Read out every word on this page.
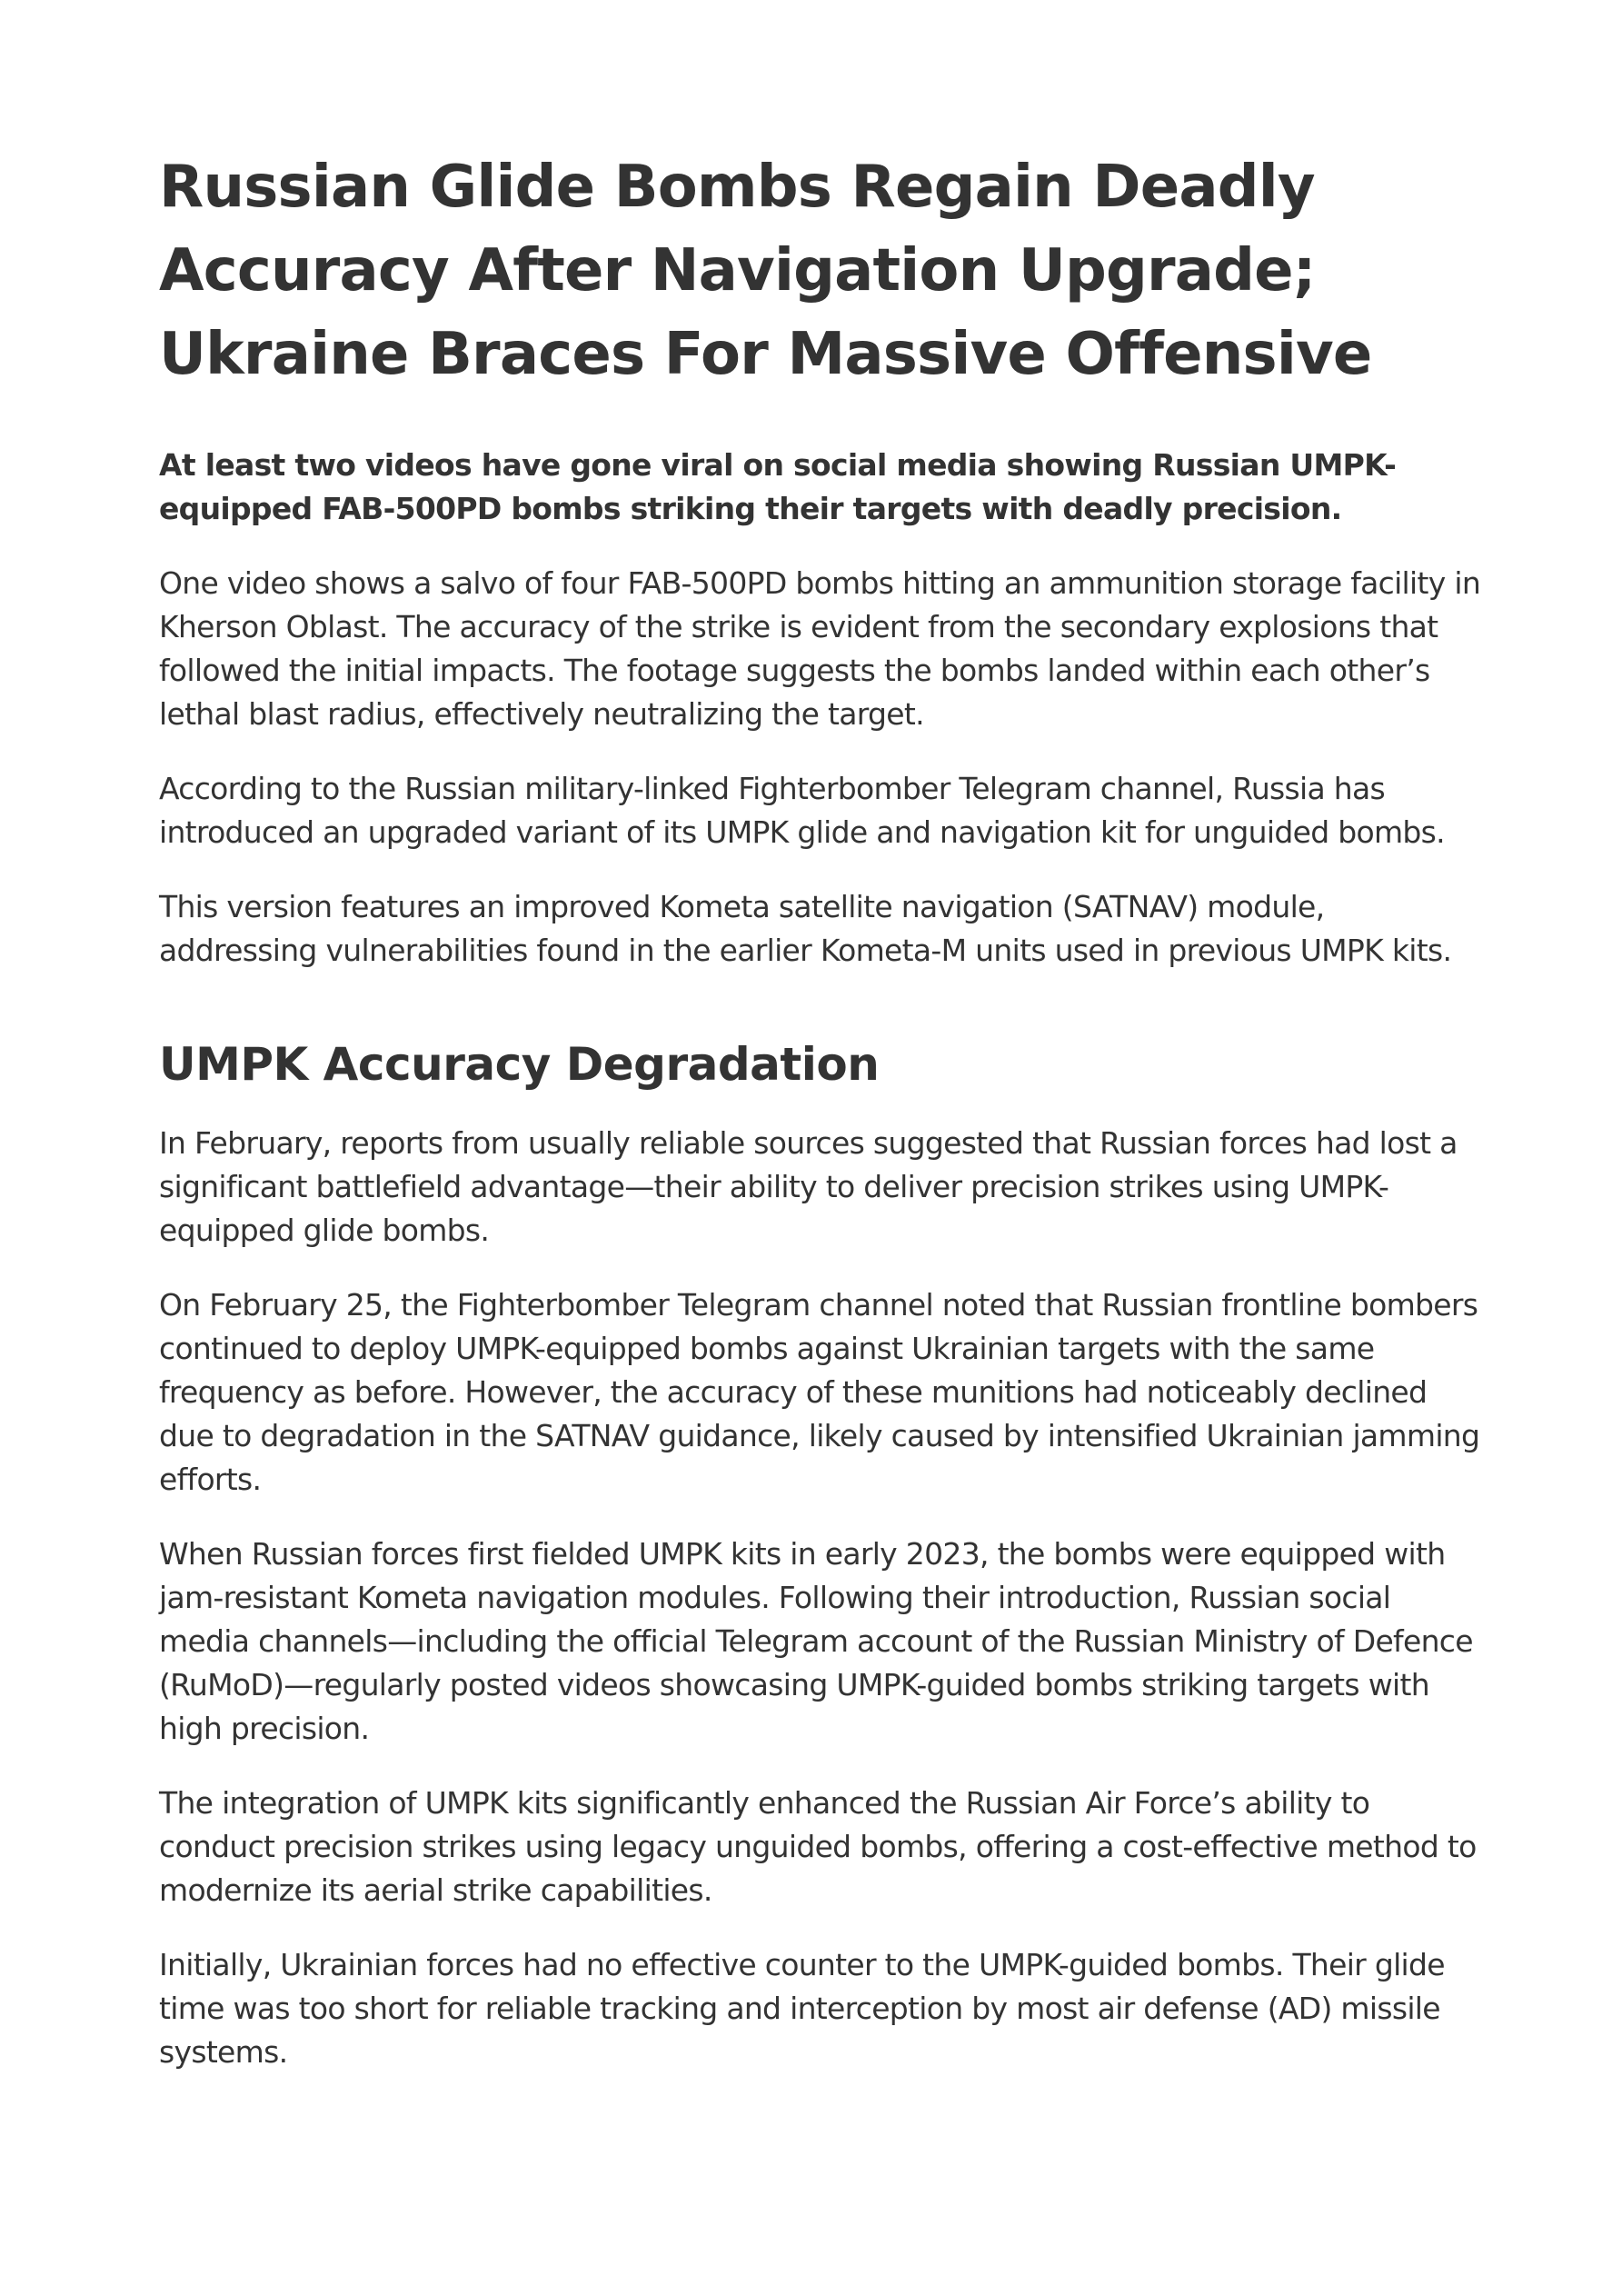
Russian Glide Bombs Regain Deadly Accuracy After Navigation Upgrade; Ukraine Braces For Massive Offensive

At least two videos have gone viral on social media showing Russian UMPK-equipped FAB-500PD bombs striking their targets with deadly precision.

One video shows a salvo of four FAB-500PD bombs hitting an ammunition storage facility in Kherson Oblast. The accuracy of the strike is evident from the secondary explosions that followed the initial impacts. The footage suggests the bombs landed within each other’s lethal blast radius, effectively neutralizing the target.

According to the Russian military-linked Fighterbomber Telegram channel, Russia has introduced an upgraded variant of its UMPK glide and navigation kit for unguided bombs.

This version features an improved Kometa satellite navigation (SATNAV) module, addressing vulnerabilities found in the earlier Kometa-M units used in previous UMPK kits.

UMPK Accuracy Degradation

In February, reports from usually reliable sources suggested that Russian forces had lost a significant battlefield advantage—their ability to deliver precision strikes using UMPK-equipped glide bombs.

On February 25, the Fighterbomber Telegram channel noted that Russian frontline bombers continued to deploy UMPK-equipped bombs against Ukrainian targets with the same frequency as before. However, the accuracy of these munitions had noticeably declined due to degradation in the SATNAV guidance, likely caused by intensified Ukrainian jamming efforts.

When Russian forces first fielded UMPK kits in early 2023, the bombs were equipped with jam-resistant Kometa navigation modules. Following their introduction, Russian social media channels—including the official Telegram account of the Russian Ministry of Defence (RuMoD)—regularly posted videos showcasing UMPK-guided bombs striking targets with high precision.

The integration of UMPK kits significantly enhanced the Russian Air Force’s ability to conduct precision strikes using legacy unguided bombs, offering a cost-effective method to modernize its aerial strike capabilities.

Initially, Ukrainian forces had no effective counter to the UMPK-guided bombs. Their glide time was too short for reliable tracking and interception by most air defense (AD) missile systems.
